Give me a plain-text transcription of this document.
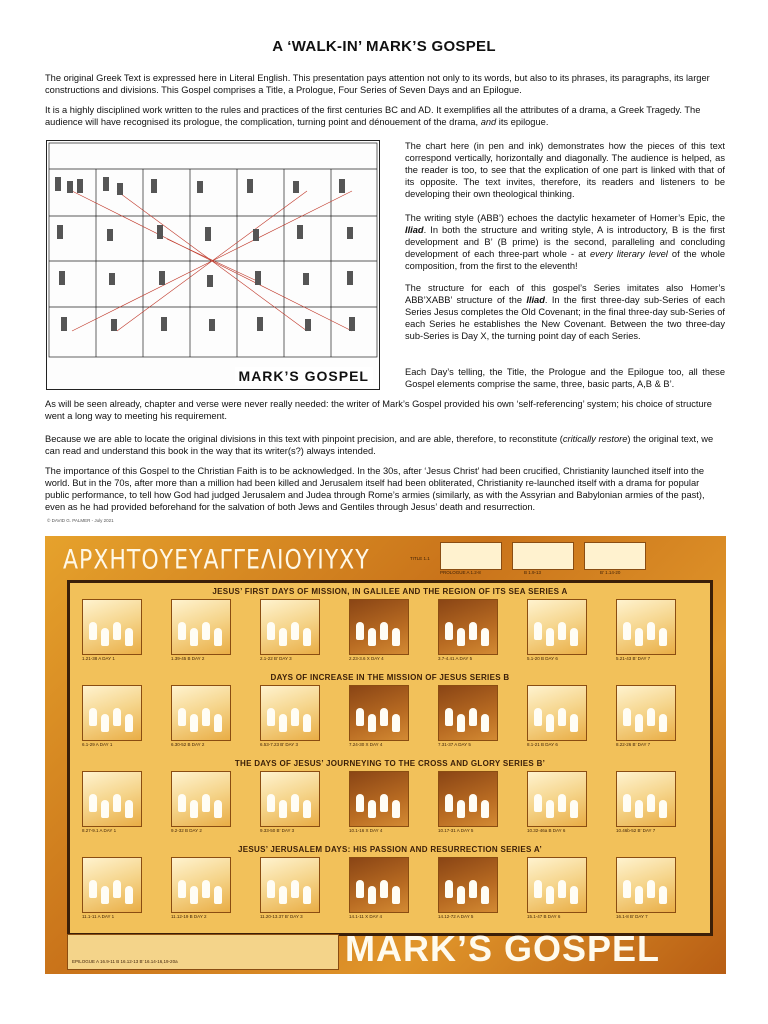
A ‘WALK-IN’ MARK’S GOSPEL

The original Greek Text is expressed here in Literal English. This presentation pays attention not only to its words, but also to its phrases, its paragraphs, its larger constructions and divisions. This Gospel comprises a Title, a Prologue, Four Series of Seven Days and an Epilogue.

It is a highly disciplined work written to the rules and practices of the first centuries BC and AD. It exemplifies all the attributes of a drama, a Greek Tragedy. The audience will have recognised its prologue, the complication, turning point and dénouement of the drama, and its epilogue.

MARK’S GOSPEL

The chart here (in pen and ink) demonstrates how the pieces of this text correspond vertically, horizontally and diagonally. The audience is helped, as the reader is too, to see that the explication of one part is linked with that of its opposite. The text invites, therefore, its readers and listeners to be developing their own theological thinking.

The writing style (ABB’) echoes the dactylic hexameter of Homer’s Epic, the Iliad. In both the structure and writing style, A is introductory, B is the first development and B’ (B prime) is the second, paralleling and concluding development of each three-part whole - at every literary level of the whole composition, from the first to the eleventh!

The structure for each of this gospel’s Series imitates also Homer’s ABB’XABB’ structure of the Iliad. In the first three-day sub-Series of each Series Jesus completes the Old Covenant; in the final three-day sub-Series of each Series he establishes the New Covenant. Between the two three-day sub-Series is Day X, the turning point day of each Series.

Each Day’s telling, the Title, the Prologue and the Epilogue too, all these Gospel elements comprise the same, three, basic parts, A,B & B’.

As will be seen already, chapter and verse were never really needed: the writer of Mark’s Gospel provided his own ‘self-referencing’ system; his choice of structure went a long way to meeting his requirement.

Because we are able to locate the original divisions in this text with pinpoint precision, and are able, therefore, to reconstitute (critically restore) the original text, we can read and understand this book in the way that its writer(s?) always intended.

The importance of this Gospel to the Christian Faith is to be acknowledged. In the 30s, after ‘Jesus Christ’ had been crucified, Christianity launched itself into the world. But in the 70s, after more than a million had been killed and Jerusalem itself had been obliterated, Christianity re-launched itself with a drama for popular public performance, to tell how God had judged Jerusalem and Judea through Rome’s armies (similarly, as with the Assyrian and Babylonian armies of the past), even as he had provided beforehand for the salvation of both Jews and Gentiles through Jesus’ death and resurrection.

© DAVID G. PALMER - July 2021
ΑΡΧΗΤΟΥΕΥΑΓΓΕΛΙΟΥΙΥΧΥ	TITLE 1.1
PROLOGUE A 1.2-8	B 1.9-13	B’ 1.14-20
JESUS’ FIRST DAYS OF MISSION, IN GALILEE AND THE REGION OF ITS SEA SERIES A
1.21-38 A DAY 1	1.39-45 B DAY 2	2.1-22 B’ DAY 3	2.23-3.6 X DAY 4	3.7-4.41 A DAY 5	5.1-20 B DAY 6	5.21-43 B’ DAY 7
DAYS OF INCREASE IN THE MISSION OF JESUS SERIES B
6.1-29 A DAY 1	6.30-52 B DAY 2	6.53-7.23 B’ DAY 3	7.24-30 X DAY 4	7.31-37 A DAY 5	8.1-21 B DAY 6	8.22-26 B’ DAY 7
THE DAYS OF JESUS’ JOURNEYING TO THE CROSS AND GLORY SERIES B’
8.27-9.1 A DAY 1	9.2-32 B DAY 2	9.33-50 B’ DAY 3	10.1-16 X DAY 4	10.17-31 A DAY 5	10.32-46a B DAY 6	10.46b-52 B’ DAY 7
JESUS’ JERUSALEM DAYS: HIS PASSION AND RESURRECTION SERIES A’
11.1-11 A DAY 1	11.12-19 B DAY 2	11.20-13.37 B’ DAY 3	14.1-11 X DAY 4	14.12-72 A DAY 5	15.1-47 B DAY 6	16.1-8 B’ DAY 7
EPILOGUE A 16.9-11 B 16.12-13 B’ 16.14-16,19-20a	MARK’S GOSPEL
